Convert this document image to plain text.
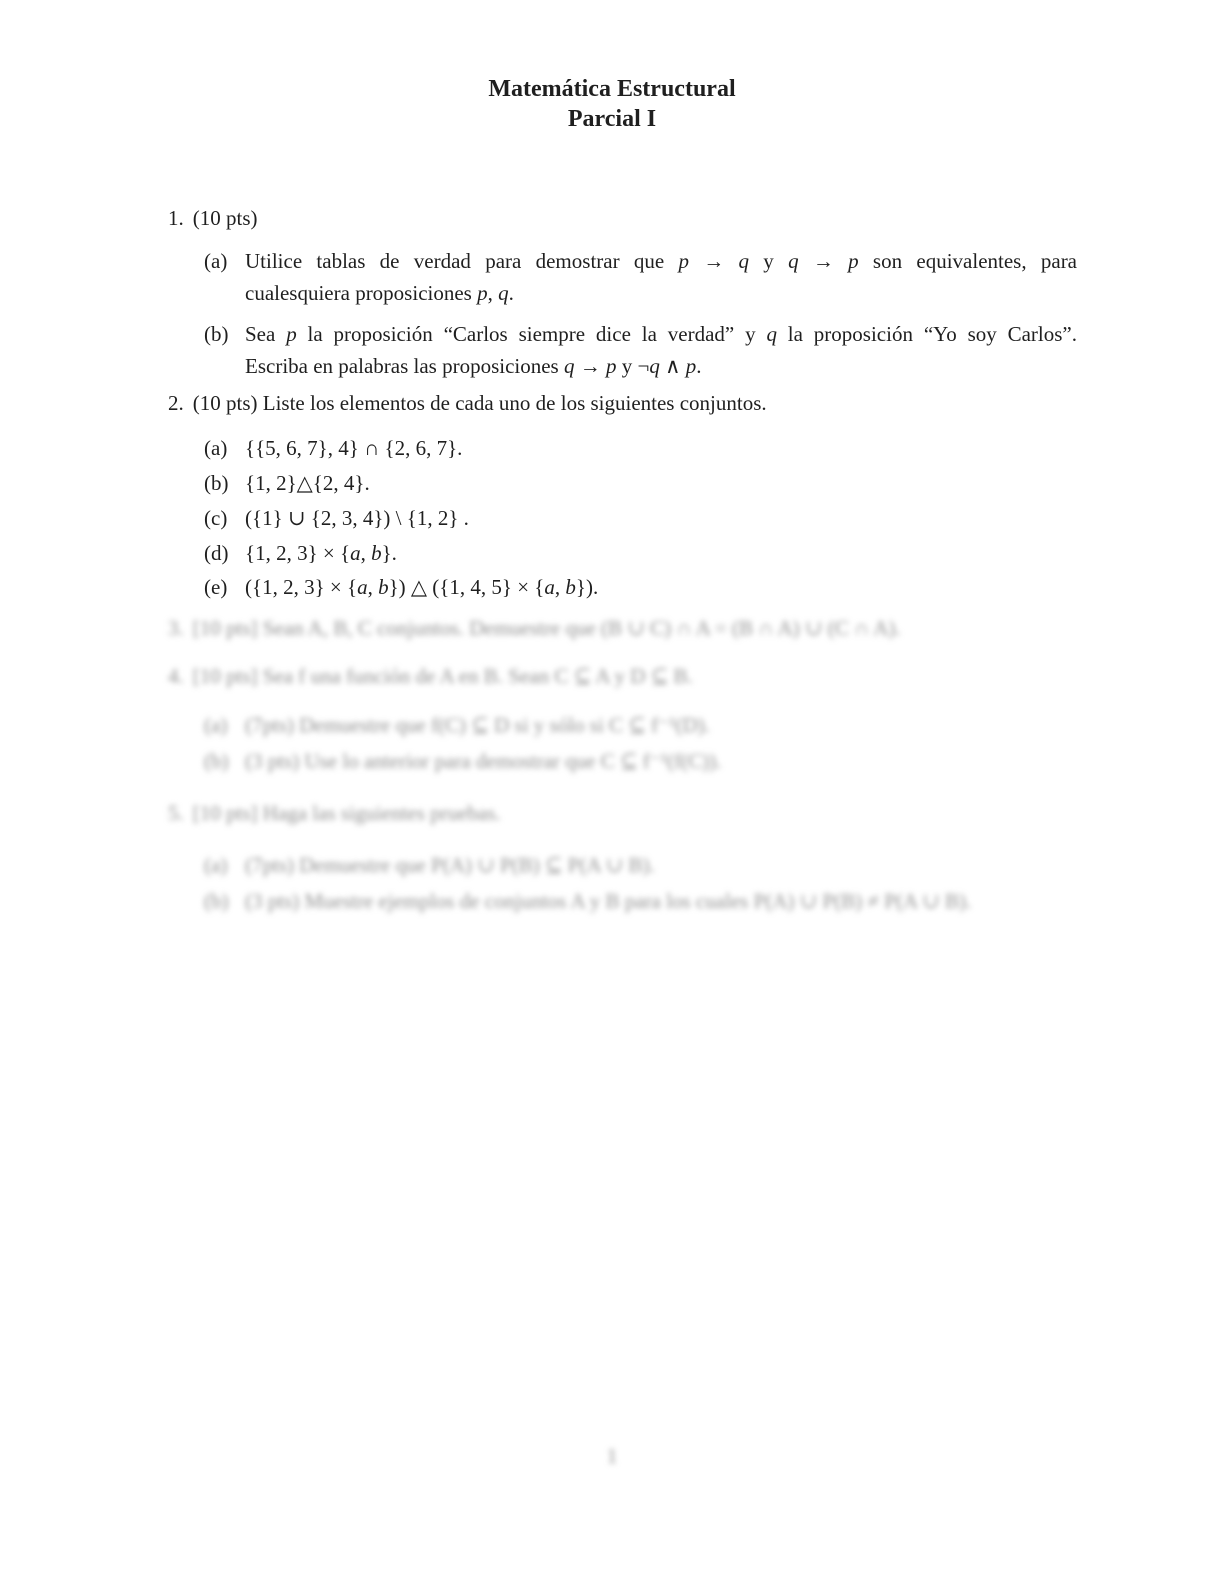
Matemática Estructural
Parcial I
1. (10 pts)
(a) Utilice tablas de verdad para demostrar que p → q y q → p son equivalentes, para
cualesquiera proposiciones p, q.
(b) Sea p la proposición “Carlos siempre dice la verdad” y q la proposición “Yo soy Carlos”.
Escriba en palabras las proposiciones q → p y ¬q ∧ p.
2. (10 pts) Liste los elementos de cada uno de los siguientes conjuntos.
(a) {{5, 6, 7}, 4} ∩ {2, 6, 7}.
(b) {1, 2}△{2, 4}.
(c) ({1} ∪ {2, 3, 4}) \ {1, 2} .
(d) {1, 2, 3} × {a, b}.
(e) ({1, 2, 3} × {a, b}) △ ({1, 4, 5} × {a, b}).
3. [10 pts] Sean A, B, C conjuntos. Demuestre que (B ∪ C) ∩ A = (B ∩ A) ∪ (C ∩ A).
4. [10 pts] Sea f una función de A en B. Sean C ⊆ A y D ⊆ B.
(a) (7pts) Demuestre que f(C) ⊆ D si y sólo si C ⊆ f⁻¹(D).
(b) (3 pts) Use lo anterior para demostrar que C ⊆ f⁻¹(f(C)).
5. [10 pts] Haga las siguientes pruebas.
(a) (7pts) Demuestre que P(A) ∪ P(B) ⊆ P(A ∪ B).
(b) (3 pts) Muestre ejemplos de conjuntos A y B para los cuales P(A) ∪ P(B) ≠ P(A ∪ B).
1
